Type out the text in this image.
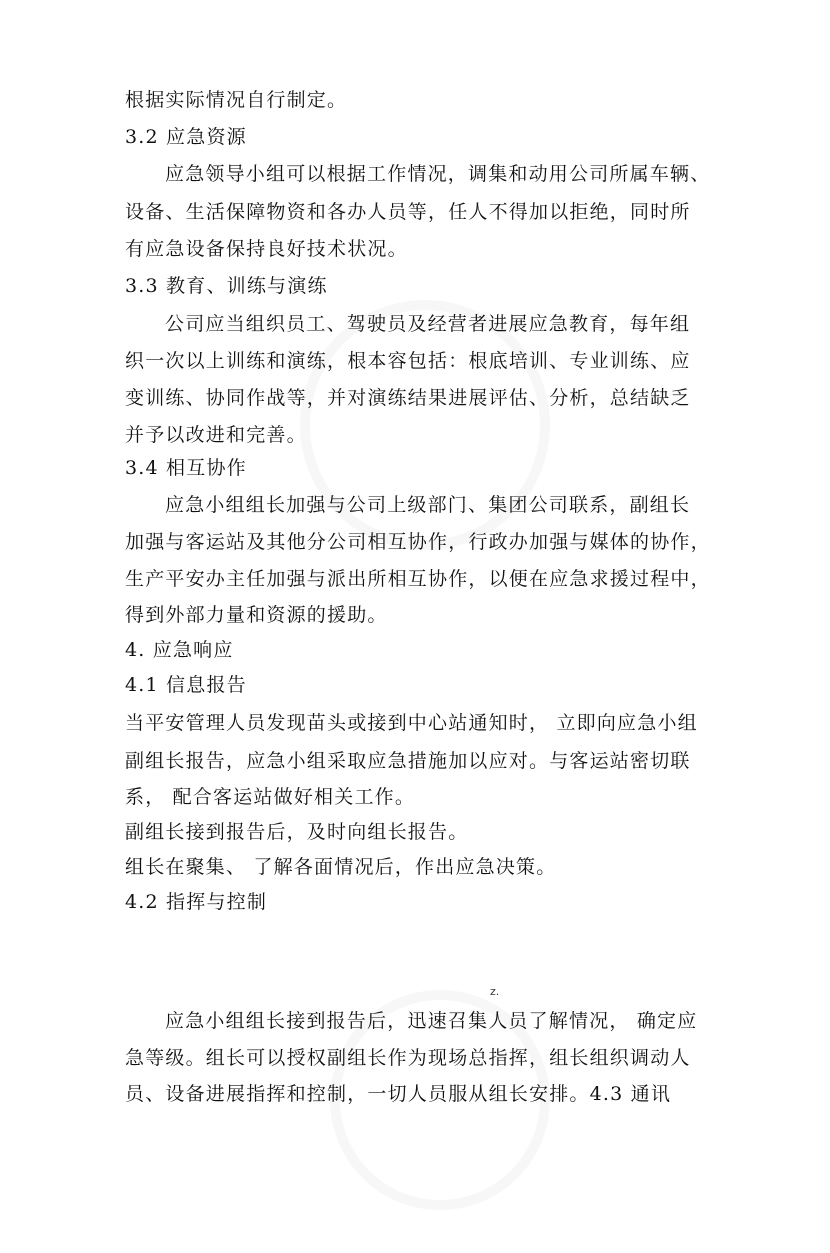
根据实际情况自行制定。
3.2 应急资源
应急领导小组可以根据工作情况，调集和动用公司所属车辆、
设备、生活保障物资和各办人员等，任人不得加以拒绝，同时所
有应急设备保持良好技术状况。
3.3 教育、训练与演练
公司应当组织员工、驾驶员及经营者进展应急教育，每年组
织一次以上训练和演练，根本容包括：根底培训、专业训练、应
变训练、协同作战等，并对演练结果进展评估、分析，总结缺乏
并予以改进和完善。
3.4 相互协作
应急小组组长加强与公司上级部门、集团公司联系，副组长
加强与客运站及其他分公司相互协作，行政办加强与媒体的协作，
生产平安办主任加强与派出所相互协作，以便在应急求援过程中，
得到外部力量和资源的援助。
4. 应急响应
4.1 信息报告
当平安管理人员发现苗头或接到中心站通知时， 立即向应急小组
副组长报告，应急小组采取应急措施加以应对。与客运站密切联
系， 配合客运站做好相关工作。
副组长接到报告后，及时向组长报告。
组长在聚集、 了解各面情况后，作出应急决策。
4.2 指挥与控制
z.
应急小组组长接到报告后，迅速召集人员了解情况， 确定应
急等级。组长可以授权副组长作为现场总指挥，组长组织调动人
员、设备进展指挥和控制，一切人员服从组长安排。4.3 通讯
